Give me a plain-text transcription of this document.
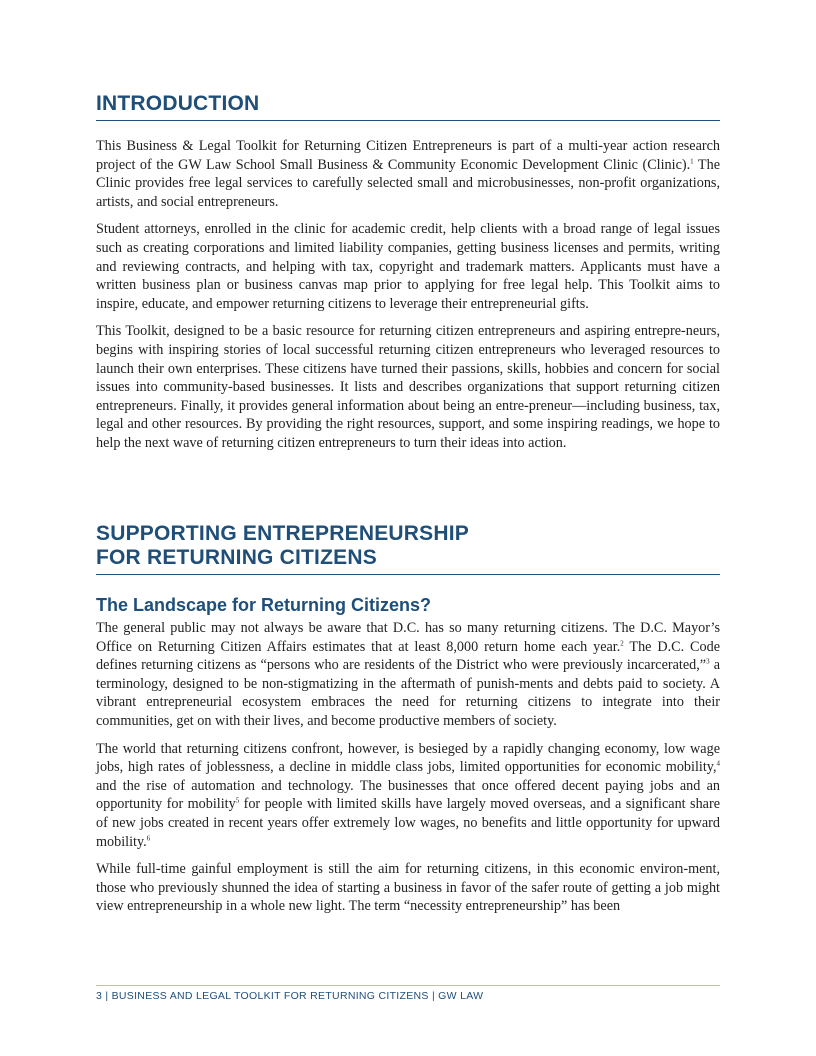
INTRODUCTION

This Business & Legal Toolkit for Returning Citizen Entrepreneurs is part of a multi-year action research project of the GW Law School Small Business & Community Economic Development Clinic (Clinic).$^1$ The Clinic provides free legal services to carefully selected small and microbusinesses, non-profit organizations, artists, and social entrepreneurs.

Student attorneys, enrolled in the clinic for academic credit, help clients with a broad range of legal issues such as creating corporations and limited liability companies, getting business licenses and permits, writing and reviewing contracts, and helping with tax, copyright and trademark matters. Applicants must have a written business plan or business canvas map prior to applying for free legal help. This Toolkit aims to inspire, educate, and empower returning citizens to leverage their entrepreneurial gifts.

This Toolkit, designed to be a basic resource for returning citizen entrepreneurs and aspiring entrepre-neurs, begins with inspiring stories of local successful returning citizen entrepreneurs who leveraged resources to launch their own enterprises. These citizens have turned their passions, skills, hobbies and concern for social issues into community-based businesses. It lists and describes organizations that support returning citizen entrepreneurs. Finally, it provides general information about being an entre-preneur—including business, tax, legal and other resources. By providing the right resources, support, and some inspiring readings, we hope to help the next wave of returning citizen entrepreneurs to turn their ideas into action.

SUPPORTING ENTREPRENEURSHIP
FOR RETURNING CITIZENS
The Landscape for Returning Citizens?

The general public may not always be aware that D.C. has so many returning citizens. The D.C. Mayor’s Office on Returning Citizen Affairs estimates that at least 8,000 return home each year.$^2$ The D.C. Code defines returning citizens as “persons who are residents of the District who were previously incarcerated,”$^3$ a terminology, designed to be non-stigmatizing in the aftermath of punish-ments and debts paid to society. A vibrant entrepreneurial ecosystem embraces the need for returning citizens to integrate into their communities, get on with their lives, and become productive members of society.

The world that returning citizens confront, however, is besieged by a rapidly changing economy, low wage jobs, high rates of joblessness, a decline in middle class jobs, limited opportunities for economic mobility,$^4$ and the rise of automation and technology. The businesses that once offered decent paying jobs and an opportunity for mobility$^5$ for people with limited skills have largely moved overseas, and a significant share of new jobs created in recent years offer extremely low wages, no benefits and little opportunity for upward mobility.$^6$

While full-time gainful employment is still the aim for returning citizens, in this economic environ-ment, those who previously shunned the idea of starting a business in favor of the safer route of getting a job might view entrepreneurship in a whole new light. The term “necessity entrepreneurship” has been

3 | BUSINESS AND LEGAL TOOLKIT FOR RETURNING CITIZENS | GW LAW
